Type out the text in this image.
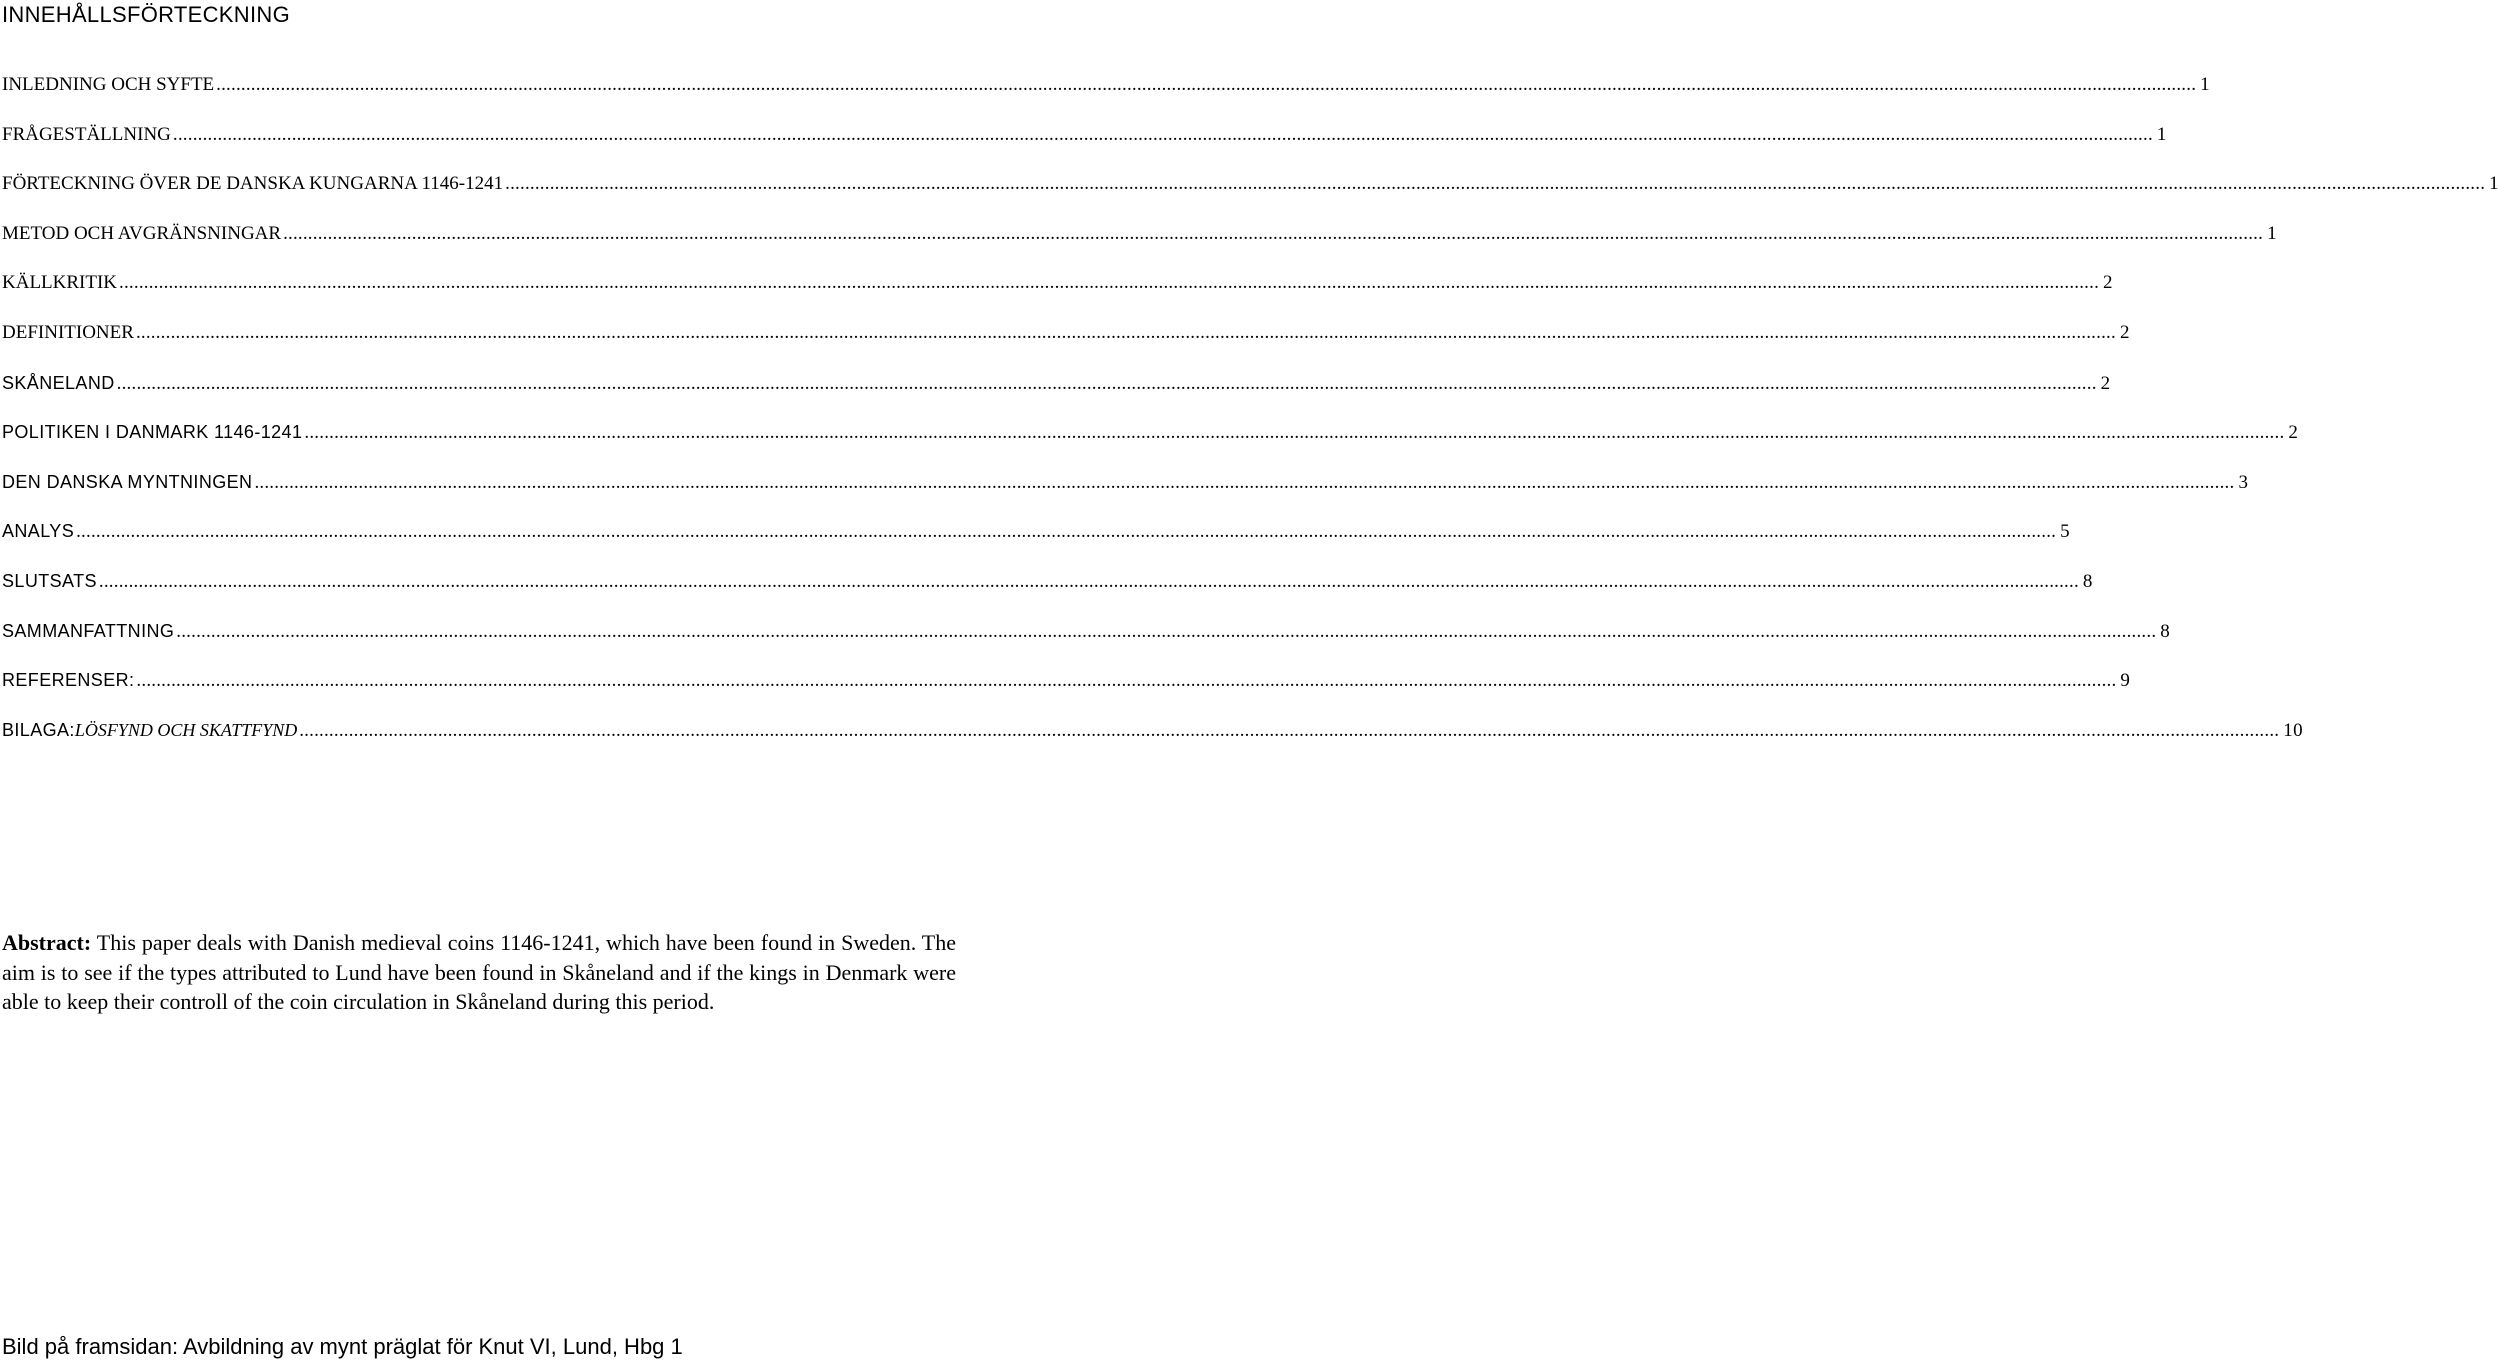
INNEHÅLLSFÖRTECKNING
INLEDNING OCH SYFTE ................................................................................................................................................................................................................................................................................................................................................................................................................ 1
FRÅGESTÄLLNING ................................................................................................................................................................................................................................................................................................................................................................................................................ 1
FÖRTECKNING ÖVER DE DANSKA KUNGARNA 1146-1241 ................................................................................................................................................................................................................................................................................................................................................................................................................ 1
METOD OCH AVGRÄNSNINGAR ................................................................................................................................................................................................................................................................................................................................................................................................................ 1
KÄLLKRITIK ................................................................................................................................................................................................................................................................................................................................................................................................................ 2
DEFINITIONER ................................................................................................................................................................................................................................................................................................................................................................................................................ 2
SKÅNELAND ................................................................................................................................................................................................................................................................................................................................................................................................................ 2
POLITIKEN I DANMARK 1146-1241 ................................................................................................................................................................................................................................................................................................................................................................................................................ 2
DEN DANSKA MYNTNINGEN ................................................................................................................................................................................................................................................................................................................................................................................................................ 3
ANALYS ................................................................................................................................................................................................................................................................................................................................................................................................................ 5
SLUTSATS ................................................................................................................................................................................................................................................................................................................................................................................................................ 8
SAMMANFATTNING ................................................................................................................................................................................................................................................................................................................................................................................................................ 8
REFERENSER: ................................................................................................................................................................................................................................................................................................................................................................................................................ 9
BILAGA: LÖSFYND OCH SKATTFYND ................................................................................................................................................................................................................................................................................................................................................................................................................ 10

Abstract: This paper deals with Danish medieval coins 1146-1241, which have been found in Sweden. The aim is to see if the types attributed to Lund have been found in Skåneland and if the kings in Denmark were able to keep their controll of the coin circulation in Skåneland during this period.

Bild på framsidan: Avbildning av mynt präglat för Knut VI, Lund, Hbg 1
